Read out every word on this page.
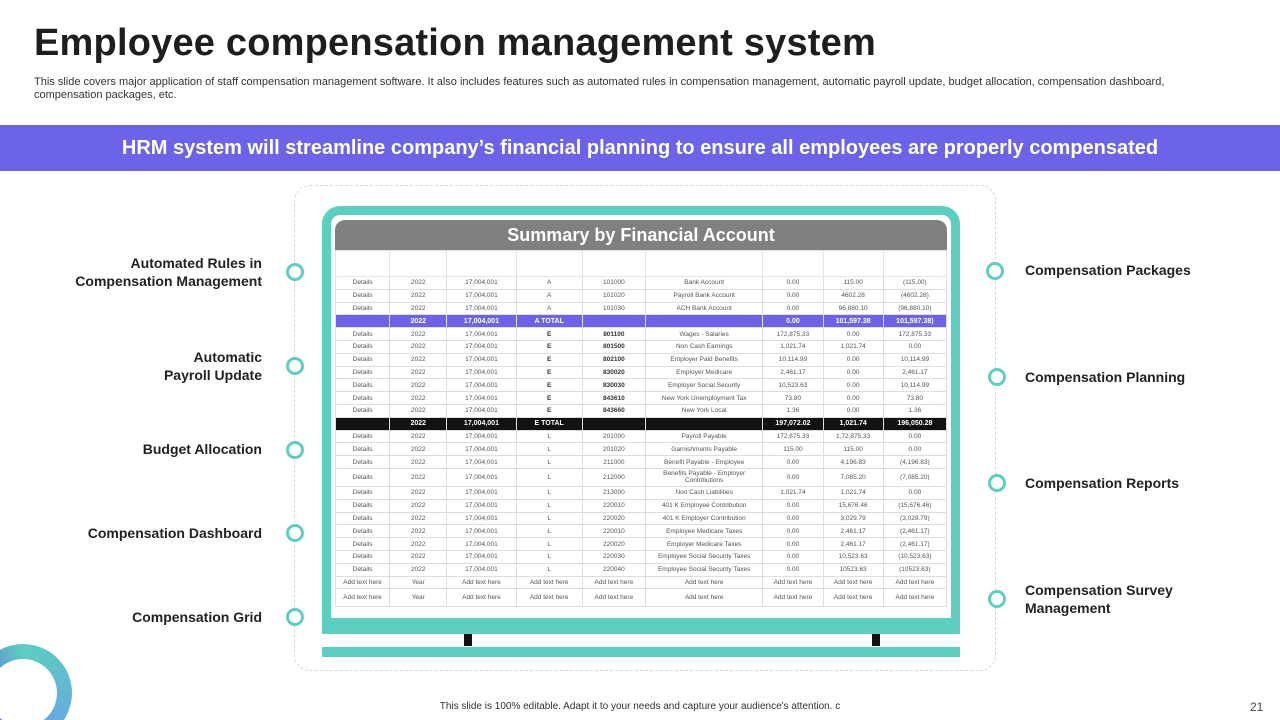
Employee compensation management system
This slide covers major application of staff compensation management software. It also includes features such as automated rules in compensation management, automatic payroll update, budget allocation, compensation dashboard, compensation packages, etc.
HRM system will streamline company’s financial planning to ensure all employees are properly compensated
Summary by Financial Account

Details	2022	17,004,001	A	101000	Bank Account	0.00	115.00	(115.00)
Details	2022	17,004,001	A	101020	Payroll Bank Account	0.00	4602.28	(4602.28)
Details	2022	17,004,001	A	101030	ACH Bank Account	0.00	96,880.10	(96,880.10)
	2022	17,004,001	A TOTAL			0.00	101,597.38	101,597.38)
Details	2022	17,004,001	E	801100	Wages - Salaries	172,875.33	0.00	172,875.33
Details	2022	17,004,001	E	801500	Non Cash Earnings	1,021.74	1,021.74	0.00
Details	2022	17,004,001	E	802100	Employer Paid Benefits	10,114.99	0.00	10,114.99
Details	2022	17,004,001	E	830020	Employer Medicare	2,461.17	0.00	2,461.17
Details	2022	17,004,001	E	830030	Employer Social Security	10,523.63	0.00	10,114.99
Details	2022	17,004,001	E	843610	New York Unemployment Tax	73.80	0.00	73.80
Details	2022	17,004,001	E	843660	New York Local	1.36	0.00	1.36
	2022	17,004,001	E TOTAL			197,072.02	1,021.74	196,050.28
Details	2022	17,004,001	L	201000	Payroll Payable	172,675.33	1,72,875.33	0.00
Details	2022	17,004,001	L	201020	Garnishments Payable	115.00	115.00	0.00
Details	2022	17,004,001	L	211000	Benefit Payable - Employee	0.00	4,196.83	(4,196.83)
Details	2022	17,004,001	L	212000	Benefits Payable - Employer Contributions	0.00	7,085.20	(7,085.20)
Details	2022	17,004,001	L	213000	Non Cash Liabilities	1,021.74	1,021.74	0.00
Details	2022	17,004,001	L	220010	401 K Employee Contribution	0.00	15,676.46	(15,676.46)
Details	2022	17,004,001	L	220020	401 K Employer Contribution	0.00	3,029.79	(3,029.79)
Details	2022	17,004,001	L	220010	Employee Medicare Taxes	0.00	2,461.17	(2,461.17)
Details	2022	17,004,001	L	220020	Employer Medicare Taxes	0.00	2,461.17	(2,461.17)
Details	2022	17,004,001	L	220030	Employee Social Security Taxes	0.00	10,523.63	(10,523.63)
Details	2022	17,004,001	L	220040	Employee Social Security Taxes	0.00	10523.63	(10523.63)
Add text here	Year	Add text here	Add text here	Add text here	Add text here	Add text here	Add text here	Add text here
Add text here	Year	Add text here	Add text here	Add text here	Add text here	Add text here	Add text here	Add text here
Automated Rules in
Compensation Management
Automatic
Payroll Update
Budget Allocation
Compensation Dashboard
Compensation Grid
Compensation Packages
Compensation Planning
Compensation Reports
Compensation Survey
Management
This slide is 100% editable. Adapt it to your needs and capture your audience's attention. c	21
